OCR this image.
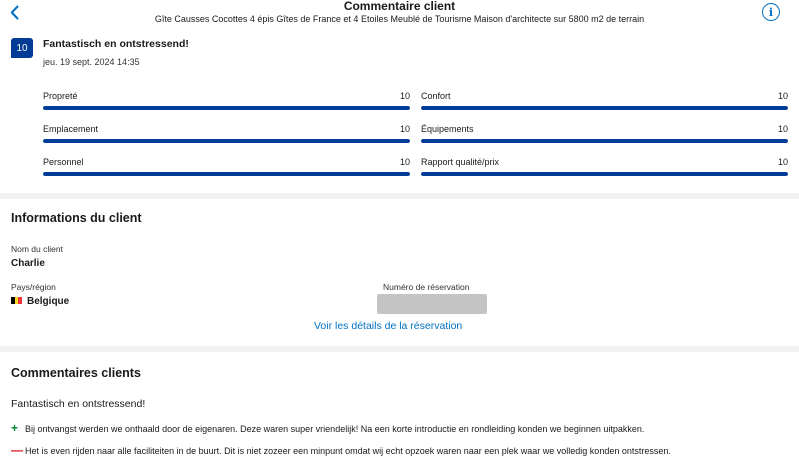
Commentaire client
Gîte Causses Cocottes 4 épis Gîtes de France et 4 Etoiles Meublé de Tourisme Maison d'architecte sur 5800 m2 de terrain
i
10	Fantastisch en ontstressend!
jeu. 19 sept. 2024 14:35
Propreté	10 Confort	10
Emplacement	10 Équipements	10
Personnel	10 Rapport qualité/prix	10
Informations du client
Nom du client
Charlie
Pays/région
Belgique
Numéro de réservation
Voir les détails de la réservation
Commentaires clients
Fantastisch en ontstressend!
+ Bij ontvangst werden we onthaald door de eigenaren. Deze waren super vriendelijk! Na een korte introductie en rondleiding konden we beginnen uitpakken.
— Het is even rijden naar alle faciliteiten in de buurt. Dit is niet zozeer een minpunt omdat wij echt opzoek waren naar een plek waar we volledig konden ontstressen.
